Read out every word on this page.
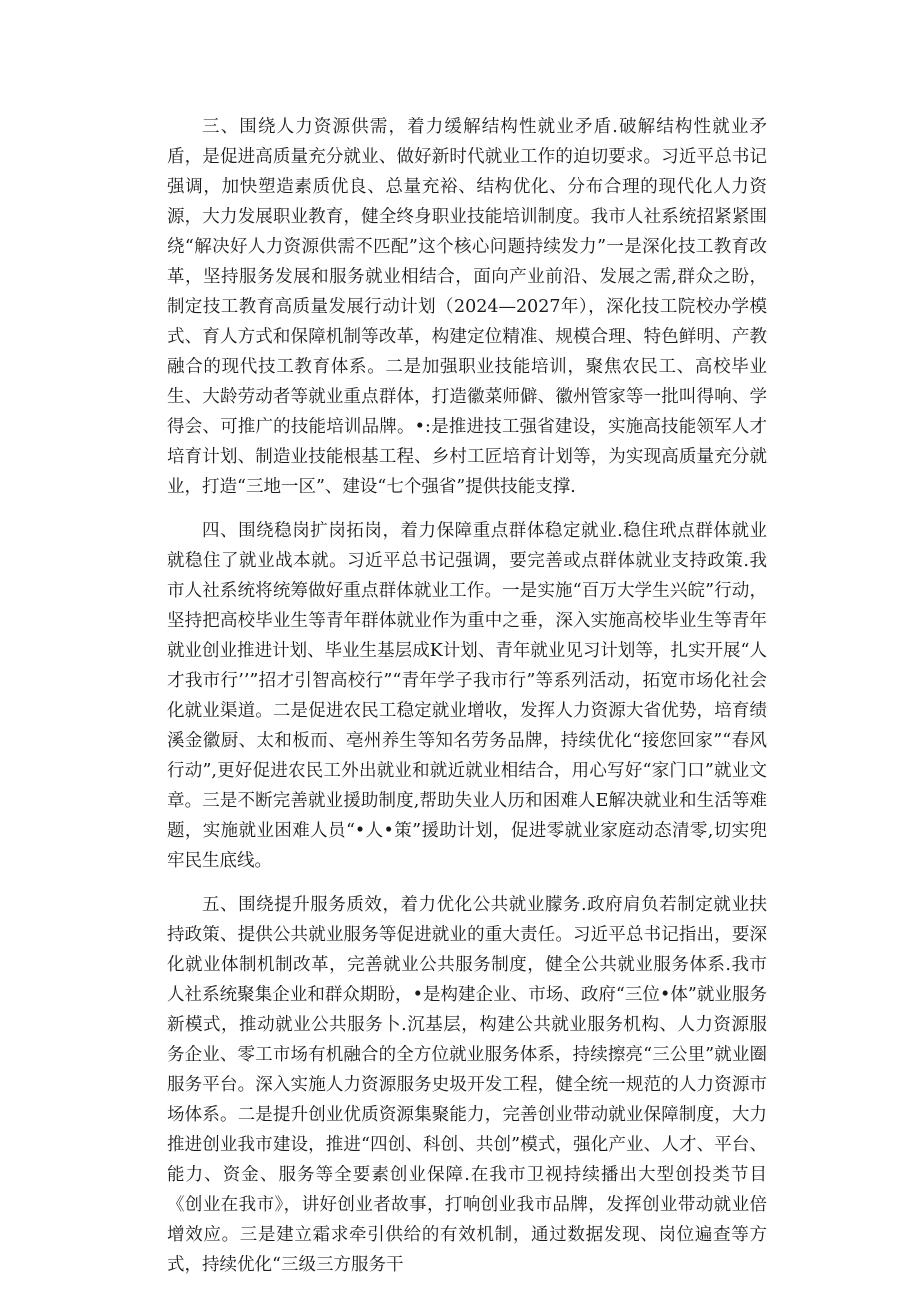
三、围绕人力资源供需，着力缓解结构性就业矛盾.破解结构性就业矛盾，是促进高质量充分就业、做好新时代就业工作的迫切要求。习近平总书记强调，加快塑造素质优良、总量充裕、结构优化、分布合理的现代化人力资源，大力发展职业教育，健全终身职业技能培训制度。我市人社系统招紧紧围绕“解决好人力资源供需不匹配”这个核心问题持续发力”一是深化技工教育改革，坚持服务发展和服务就业相结合，面向产业前沿、发展之需,群众之盼，制定技工教育高质量发展行动计划（2024—2027年），深化技工院校办学模式、育人方式和保障机制等改革，构建定位精准、规模合理、特色鲜明、产教融合的现代技工教育体系。二是加强职业技能培训，聚焦农民工、高校毕业生、大龄劳动者等就业重点群体，打造徽菜师僻、徽州管家等一批叫得响、学得会、可推广的技能培训品牌。•:是推进技工强省建设，实施高技能领军人才培育计划、制造业技能根基工程、乡村工匠培育计划等，为实现高质量充分就业，打造“三地一区”、建设“七个强省”提供技能支撑.

四、围绕稳岗扩岗拓岗，着力保障重点群体稳定就业.稳住玳点群体就业就稳住了就业战本就。习近平总书记强调，要完善或点群体就业支持政策.我市人社系统将统筹做好重点群体就业工作。一是实施“百万大学生兴皖”行动，坚持把高校毕业生等青年群体就业作为重中之垂，深入实施高校毕业生等青年就业创业推进计划、毕业生基层成K计划、青年就业见习计划等，扎实开展“人才我市行’’”招才引智高校行”“青年学子我市行”等系列活动，拓宽市场化社会化就业渠道。二是促进农民工稳定就业增收，发挥人力资源大省优势，培育绩溪金徽厨、太和板而、亳州养生等知名劳务品牌，持续优化“接您回家”“春风行动”,更好促进农民工外出就业和就近就业相结合，用心写好“家门口”就业文章。三是不断完善就业援助制度,帮助失业人历和困难人E解决就业和生活等难题，实施就业困难人员“•人•策”援助计划，促进零就业家庭动态清零,切实兜牢民生底线。

五、围绕提升服务质效，着力优化公共就业朦务.政府肩负若制定就业扶持政策、提供公共就业服务等促进就业的重大责任。习近平总书记指出，要深化就业体制机制改革，完善就业公共服务制度，健全公共就业服务体系.我市人社系统聚集企业和群众期盼，•是构建企业、市场、政府“三位•体”就业服务新模式，推动就业公共服务卜.沉基层，构建公共就业服务机构、人力资源服务企业、零工市场有机融合的全方位就业服务体系，持续擦亮“三公里”就业圈服务平台。深入实施人力资源服务史圾开发工程，健全统一规范的人力资源市场体系。二是提升创业优质资源集聚能力，完善创业带动就业保障制度，大力推进创业我市建设，推进“四创、科创、共创”模式，强化产业、人才、平台、能力、资金、服务等全要素创业保障.在我市卫视持续播出大型创投类节目《创业在我市》，讲好创业者故事，打响创业我市品牌，发挥创业带动就业倍增效应。三是建立霜求牵引供给的有效机制，通过数据发现、岗位遍查等方式，持续优化“三级三方服务干
